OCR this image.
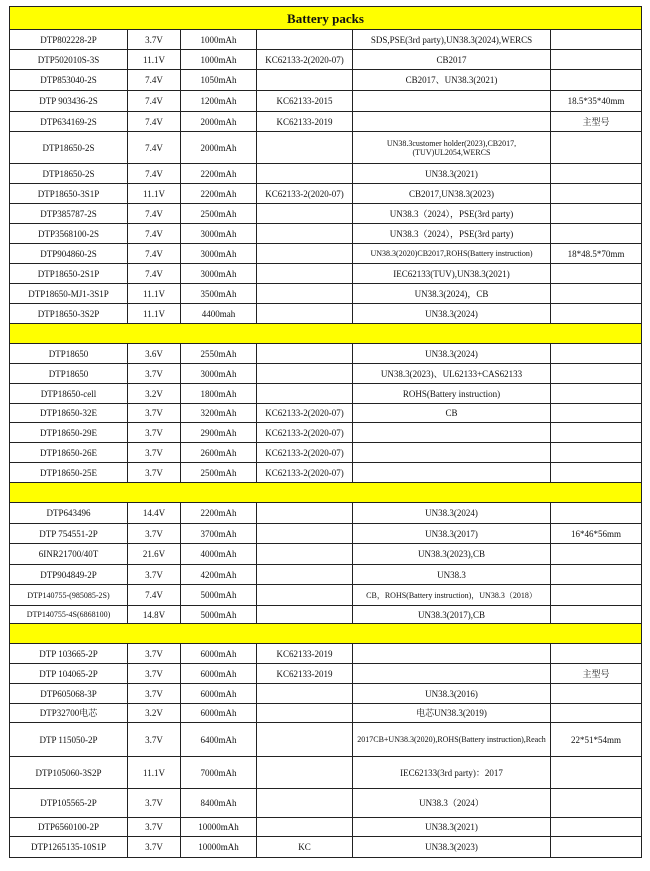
Battery packs					
DTP802228-2P	3.7V	1000mAh		SDS,PSE(3rd party),UN38.3(2024),WERCS	
DTP502010S-3S	11.1V	1000mAh	KC62133-2(2020-07)	CB2017	
DTP853040-2S	7.4V	1050mAh		CB2017、UN38.3(2021)	
DTP 903436-2S	7.4V	1200mAh	KC62133-2015		18.5*35*40mm
DTP634169-2S	7.4V	2000mAh	KC62133-2019		主型号
DTP18650-2S	7.4V	2000mAh		UN38.3customer holder(2023),CB2017,(TUV)UL2054,WERCS	
DTP18650-2S	7.4V	2200mAh		UN38.3(2021)	
DTP18650-3S1P	11.1V	2200mAh	KC62133-2(2020-07)	CB2017,UN38.3(2023)	
DTP385787-2S	7.4V	2500mAh		UN38.3（2024），PSE(3rd party)	
DTP3568100-2S	7.4V	3000mAh		UN38.3（2024），PSE(3rd party)	
DTP904860-2S	7.4V	3000mAh		UN38.3(2020)CB2017,ROHS(Battery instruction)	18*48.5*70mm
DTP18650-2S1P	7.4V	3000mAh		IEC62133(TUV),UN38.3(2021)	
DTP18650-MJ1-3S1P	11.1V	3500mAh		UN38.3(2024)，CB	
DTP18650-3S2P	11.1V	4400mah		UN38.3(2024)	

DTP18650	3.6V	2550mAh		UN38.3(2024)	
DTP18650	3.7V	3000mAh		UN38.3(2023)、UL62133+CAS62133	
DTP18650-cell	3.2V	1800mAh		ROHS(Battery instruction)	
DTP18650-32E	3.7V	3200mAh	KC62133-2(2020-07)	CB	
DTP18650-29E	3.7V	2900mAh	KC62133-2(2020-07)		
DTP18650-26E	3.7V	2600mAh	KC62133-2(2020-07)		
DTP18650-25E	3.7V	2500mAh	KC62133-2(2020-07)		

DTP643496	14.4V	2200mAh		UN38.3(2024)	
DTP 754551-2P	3.7V	3700mAh		UN38.3(2017)	16*46*56mm
6INR21700/40T	21.6V	4000mAh		UN38.3(2023),CB	
DTP904849-2P	3.7V	4200mAh		UN38.3	
DTP140755-(985085-2S)	7.4V	5000mAh		CB，ROHS(Battery instruction)，UN38.3（2018）	
DTP140755-4S(6868100)	14.8V	5000mAh		UN38.3(2017),CB	

DTP 103665-2P	3.7V	6000mAh	KC62133-2019		
DTP 104065-2P	3.7V	6000mAh	KC62133-2019		主型号
DTP605068-3P	3.7V	6000mAh		UN38.3(2016)	
DTP32700电芯	3.2V	6000mAh		电芯UN38.3(2019)	
DTP 115050-2P	3.7V	6400mAh		2017CB+UN38.3(2020),ROHS(Battery instruction),Reach	22*51*54mm
DTP105060-3S2P	11.1V	7000mAh		IEC62133(3rd party)：2017	
DTP105565-2P	3.7V	8400mAh		UN38.3（2024）	
DTP6560100-2P	3.7V	10000mAh		UN38.3(2021)	
DTP1265135-10S1P	3.7V	10000mAh	KC	UN38.3(2023)	
